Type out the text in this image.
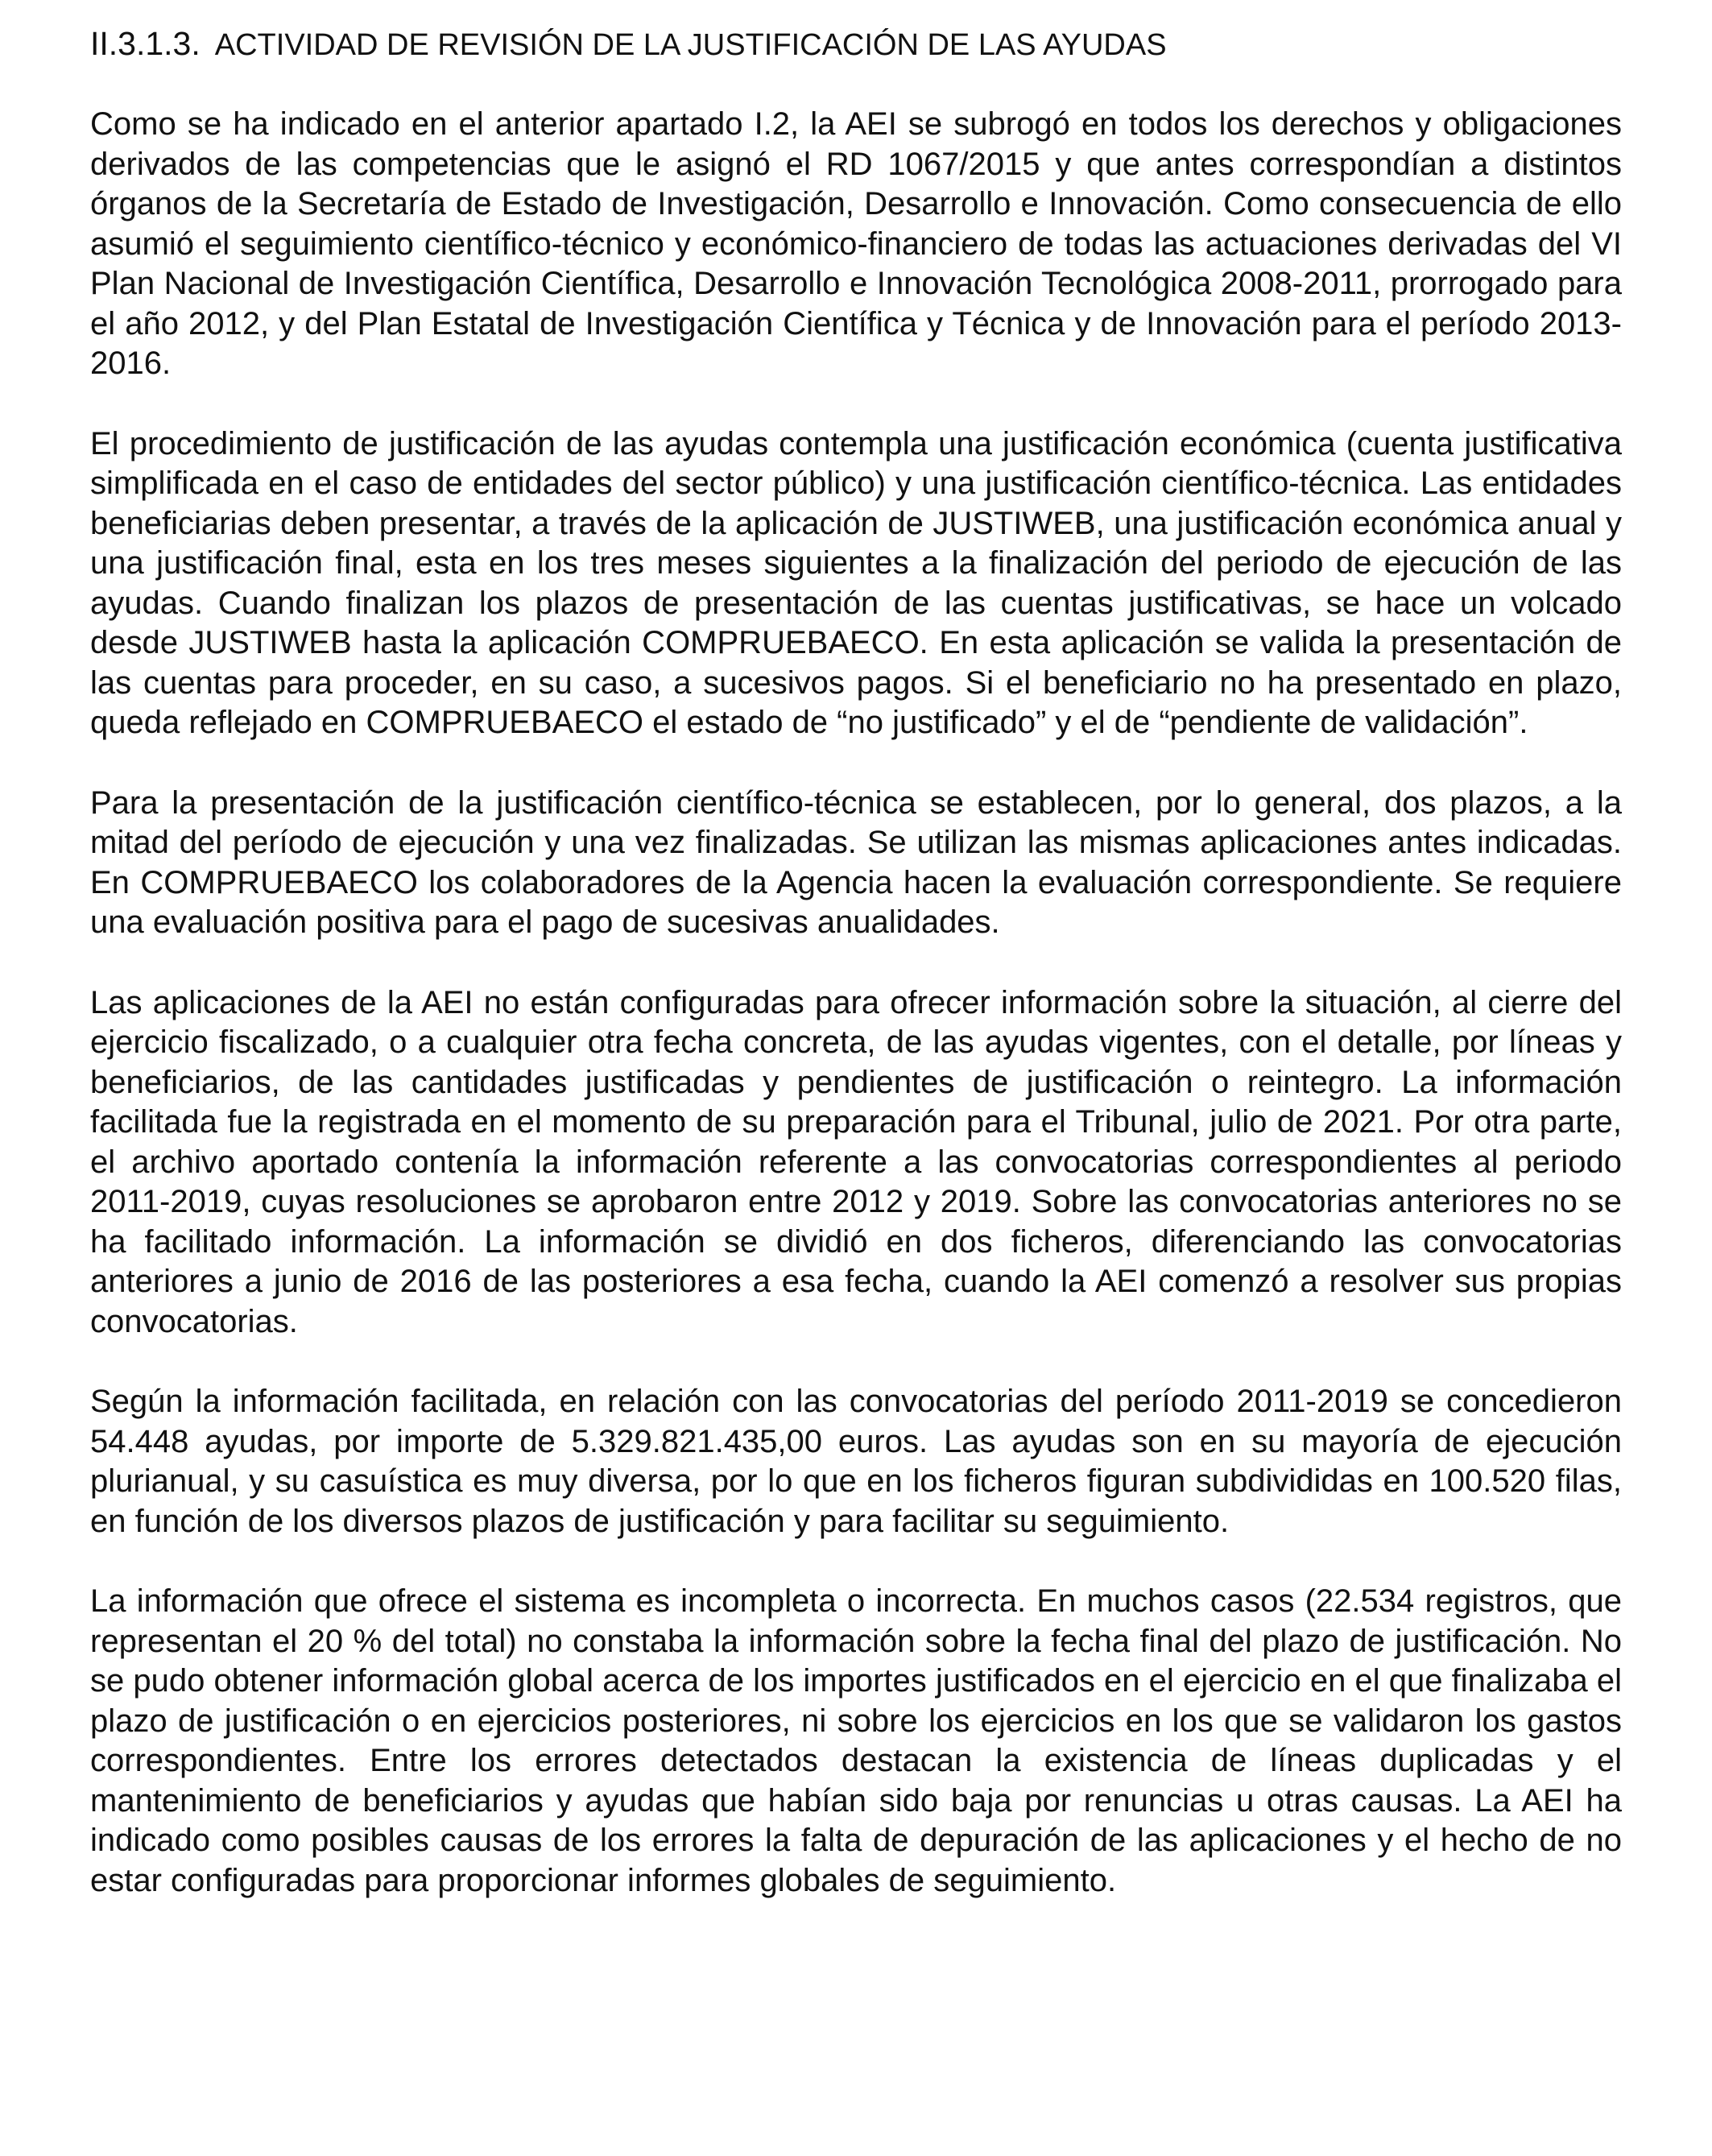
II.3.1.3. ACTIVIDAD DE REVISIÓN DE LA JUSTIFICACIÓN DE LAS AYUDAS

Como se ha indicado en el anterior apartado I.2, la AEI se subrogó en todos los derechos y obligaciones derivados de las competencias que le asignó el RD 1067/2015 y que antes correspondían a distintos órganos de la Secretaría de Estado de Investigación, Desarrollo e Innovación. Como consecuencia de ello asumió el seguimiento científico-técnico y económico-financiero de todas las actuaciones derivadas del VI Plan Nacional de Investigación Científica, Desarrollo e Innovación Tecnológica 2008-2011, prorrogado para el año 2012, y del Plan Estatal de Investigación Científica y Técnica y de Innovación para el período 2013-2016.

El procedimiento de justificación de las ayudas contempla una justificación económica (cuenta justificativa simplificada en el caso de entidades del sector público) y una justificación científico-técnica. Las entidades beneficiarias deben presentar, a través de la aplicación de JUSTIWEB, una justificación económica anual y una justificación final, esta en los tres meses siguientes a la finalización del periodo de ejecución de las ayudas. Cuando finalizan los plazos de presentación de las cuentas justificativas, se hace un volcado desde JUSTIWEB hasta la aplicación COMPRUEBAECO. En esta aplicación se valida la presentación de las cuentas para proceder, en su caso, a sucesivos pagos. Si el beneficiario no ha presentado en plazo, queda reflejado en COMPRUEBAECO el estado de “no justificado” y el de “pendiente de validación”.

Para la presentación de la justificación científico-técnica se establecen, por lo general, dos plazos, a la mitad del período de ejecución y una vez finalizadas. Se utilizan las mismas aplicaciones antes indicadas. En COMPRUEBAECO los colaboradores de la Agencia hacen la evaluación correspondiente. Se requiere una evaluación positiva para el pago de sucesivas anualidades.

Las aplicaciones de la AEI no están configuradas para ofrecer información sobre la situación, al cierre del ejercicio fiscalizado, o a cualquier otra fecha concreta, de las ayudas vigentes, con el detalle, por líneas y beneficiarios, de las cantidades justificadas y pendientes de justificación o reintegro. La información facilitada fue la registrada en el momento de su preparación para el Tribunal, julio de 2021. Por otra parte, el archivo aportado contenía la información referente a las convocatorias correspondientes al periodo 2011-2019, cuyas resoluciones se aprobaron entre 2012 y 2019. Sobre las convocatorias anteriores no se ha facilitado información. La información se dividió en dos ficheros, diferenciando las convocatorias anteriores a junio de 2016 de las posteriores a esa fecha, cuando la AEI comenzó a resolver sus propias convocatorias.

Según la información facilitada, en relación con las convocatorias del período 2011-2019 se concedieron 54.448 ayudas, por importe de 5.329.821.435,00 euros. Las ayudas son en su mayoría de ejecución plurianual, y su casuística es muy diversa, por lo que en los ficheros figuran subdivididas en 100.520 filas, en función de los diversos plazos de justificación y para facilitar su seguimiento.

La información que ofrece el sistema es incompleta o incorrecta. En muchos casos (22.534 registros, que representan el 20 % del total) no constaba la información sobre la fecha final del plazo de justificación. No se pudo obtener información global acerca de los importes justificados en el ejercicio en el que finalizaba el plazo de justificación o en ejercicios posteriores, ni sobre los ejercicios en los que se validaron los gastos correspondientes. Entre los errores detectados destacan la existencia de líneas duplicadas y el mantenimiento de beneficiarios y ayudas que habían sido baja por renuncias u otras causas. La AEI ha indicado como posibles causas de los errores la falta de depuración de las aplicaciones y el hecho de no estar configuradas para proporcionar informes globales de seguimiento.
